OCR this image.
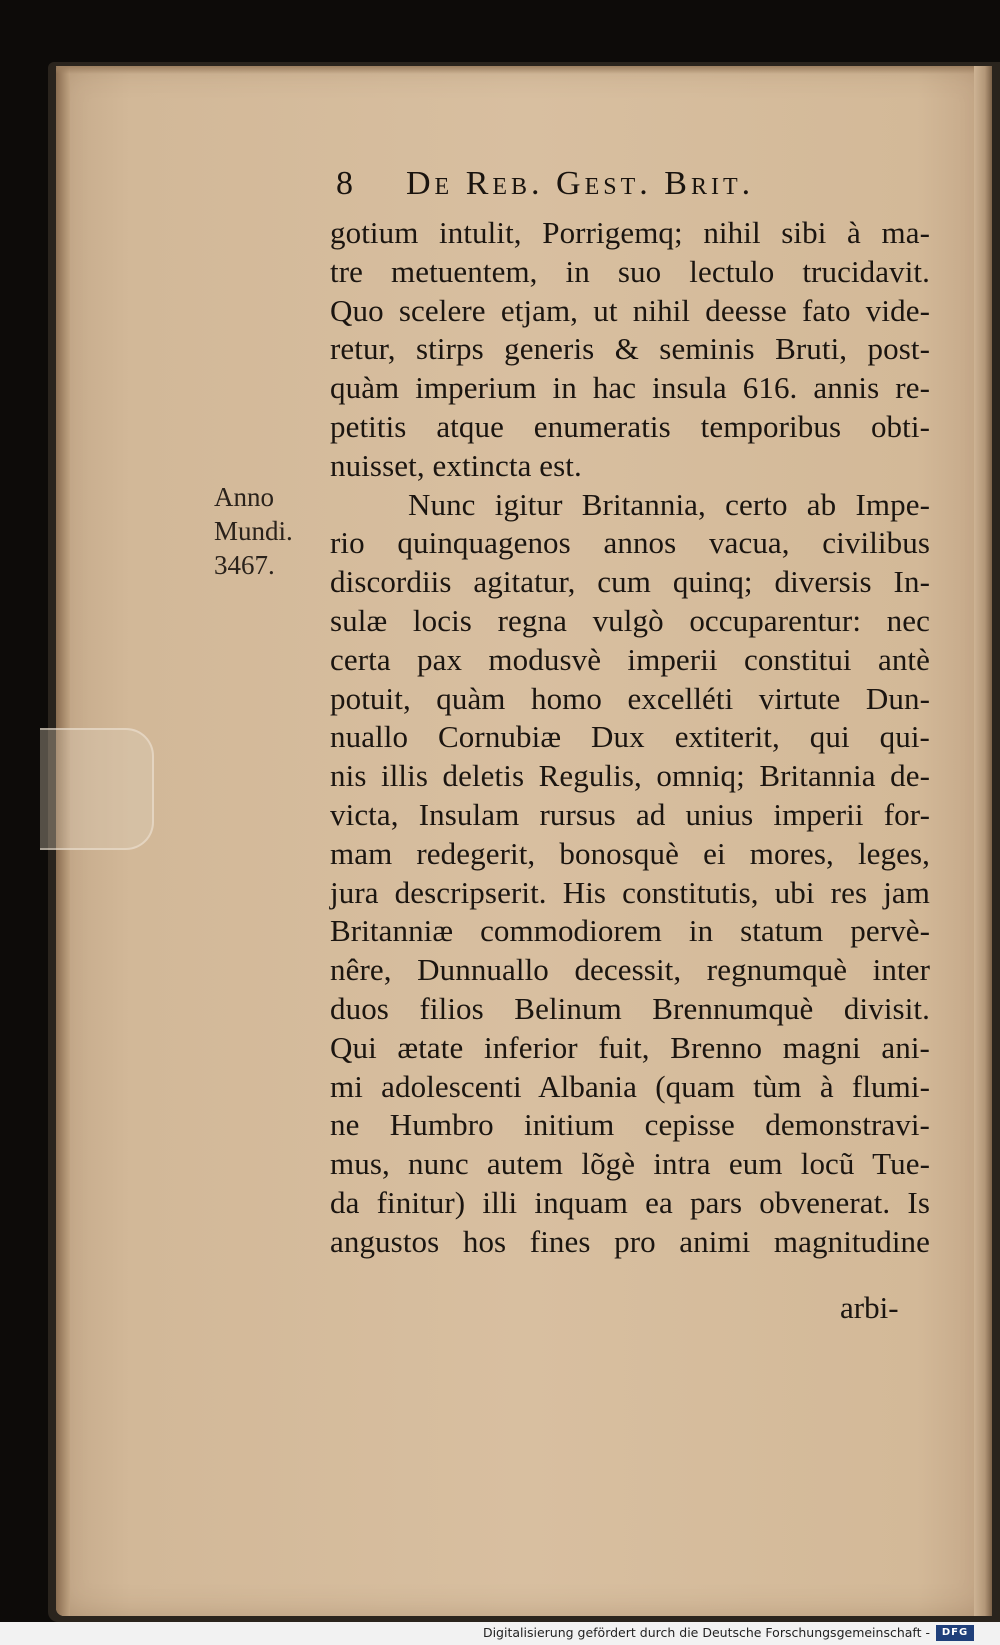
8	De Reb. Gest. Brit.
Anno
Mundi.
3467.
gotium intulit, Porrigemq; nihil sibi à ma-
tre metuentem, in suo lectulo trucidavit.
Quo scelere etjam, ut nihil deesse fato vide-
retur, stirps generis & seminis Bruti, post-
quàm imperium in hac insula 616. annis re-
petitis atque enumeratis temporibus obti-
nuisset, extincta est.
Nunc igitur Britannia, certo ab Impe-
rio quinquagenos annos vacua, civilibus
discordiis agitatur, cum quinq; diversis In-
sulæ locis regna vulgò occuparentur: nec
certa pax modusvè imperii constitui antè
potuit, quàm homo excelléti virtute Dun-
nuallo Cornubiæ Dux extiterit, qui qui-
nis illis deletis Regulis, omniq; Britannia de-
victa, Insulam rursus ad unius imperii for-
mam redegerit, bonosquè ei mores, leges,
jura descripserit. His constitutis, ubi res jam
Britanniæ commodiorem in statum pervè-
nêre, Dunnuallo decessit, regnumquè inter
duos filios Belinum Brennumquè divisit.
Qui ætate inferior fuit, Brenno magni ani-
mi adolescenti Albania (quam tùm à flumi-
ne Humbro initium cepisse demonstravi-
mus, nunc autem lõgè intra eum locũ Tue-
da finitur) illi inquam ea pars obvenerat. Is
angustos hos fines pro animi magnitudine
arbi-
Digitalisierung gefördert durch die Deutsche Forschungsgemeinschaft -	DFG
